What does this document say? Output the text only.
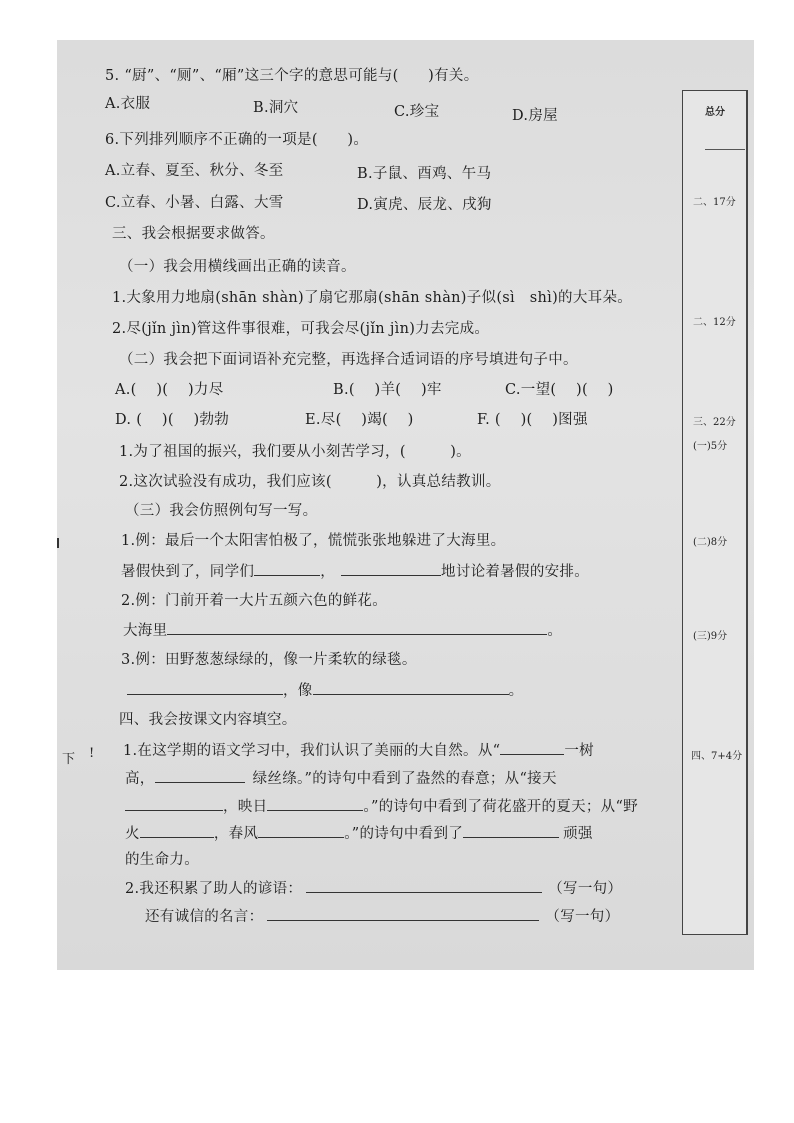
5. “厨”、“厕”、“厢”这三个字的意思可能与(　　)有关。
A.衣服	B.洞穴	C.珍宝	D.房屋
6.下列排列顺序不正确的一项是(　　)。
A.立春、夏至、秋分、冬至	B.子鼠、酉鸡、午马
C.立春、小暑、白露、大雪	D.寅虎、辰龙、戌狗
三、我会根据要求做答。
（一）我会用横线画出正确的读音。
1.大象用力地扇(shān shàn)了扇它那扇(shān shàn)子似(sì　shì)的大耳朵。
2.尽(jǐn jìn)管这件事很难，可我会尽(jǐn jìn)力去完成。
（二）我会把下面词语补充完整，再选择合适词语的序号填进句子中。
A.(　 )(　 )力尽	B.(　 )羊(　 )牢	C.一望(　 )(　 )
D. (　 )(　 )勃勃	E.尽(　 )竭(　 )	F. (　 )(　 )图强
1.为了祖国的振兴，我们要从小刻苦学习，(　　　)。
2.这次试验没有成功，我们应该(　　　)，认真总结教训。
（三）我会仿照例句写一写。
1.例：最后一个太阳害怕极了，慌慌张张地躲进了大海里。
暑假快到了，同学们	，	地讨论着暑假的安排。
2.例：门前开着一大片五颜六色的鲜花。
大海里	。
3.例：田野葱葱绿绿的，像一片柔软的绿毯。
，像	。
四、我会按课文内容填空。
1.在这学期的语文学习中，我们认识了美丽的大自然。从“	一树
高，	绿丝绦。”的诗句中看到了盎然的春意；从“接天
，映日	。”的诗句中看到了荷花盛开的夏天；从“野
火	，春风	。”的诗句中看到了	顽强
的生命力。
2.我还积累了助人的谚语：	（写一句）
还有诚信的名言：	（写一句）
下 !
总分
二、17分
二、12分
三、22分
(一)5分
(二)8分
(三)9分
四、7+4分
